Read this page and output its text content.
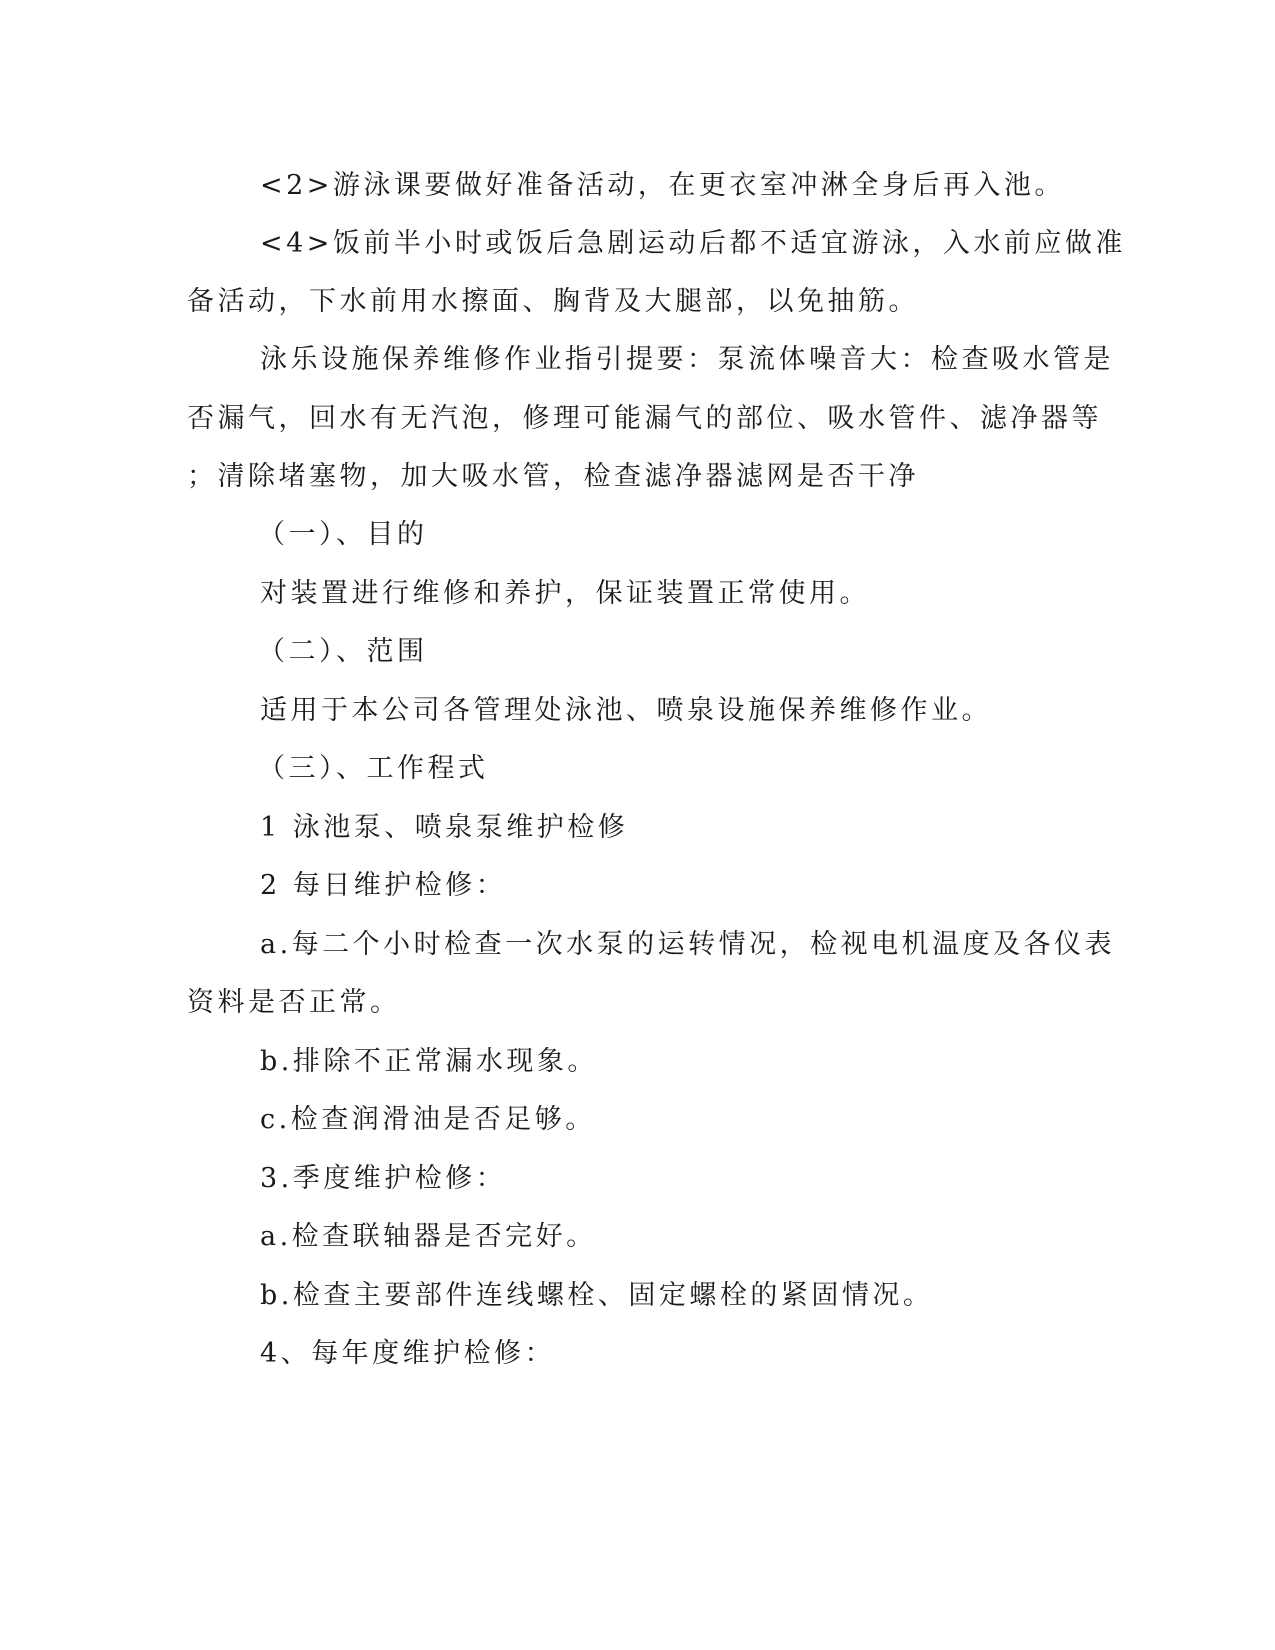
<2>游泳课要做好准备活动，在更衣室冲淋全身后再入池。
<4>饭前半小时或饭后急剧运动后都不适宜游泳，入水前应做准
备活动，下水前用水擦面、胸背及大腿部，以免抽筋。
泳乐设施保养维修作业指引提要：泵流体噪音大：检查吸水管是
否漏气，回水有无汽泡，修理可能漏气的部位、吸水管件、滤净器等
；清除堵塞物，加大吸水管，检查滤净器滤网是否干净
（一）、目的
对装置进行维修和养护，保证装置正常使用。
（二）、范围
适用于本公司各管理处泳池、喷泉设施保养维修作业。
（三）、工作程式
1 泳池泵、喷泉泵维护检修
2 每日维护检修：
a.每二个小时检查一次水泵的运转情况，检视电机温度及各仪表
资料是否正常。
b.排除不正常漏水现象。
c.检查润滑油是否足够。
3.季度维护检修：
a.检查联轴器是否完好。
b.检查主要部件连线螺栓、固定螺栓的紧固情况。
4、每年度维护检修：
